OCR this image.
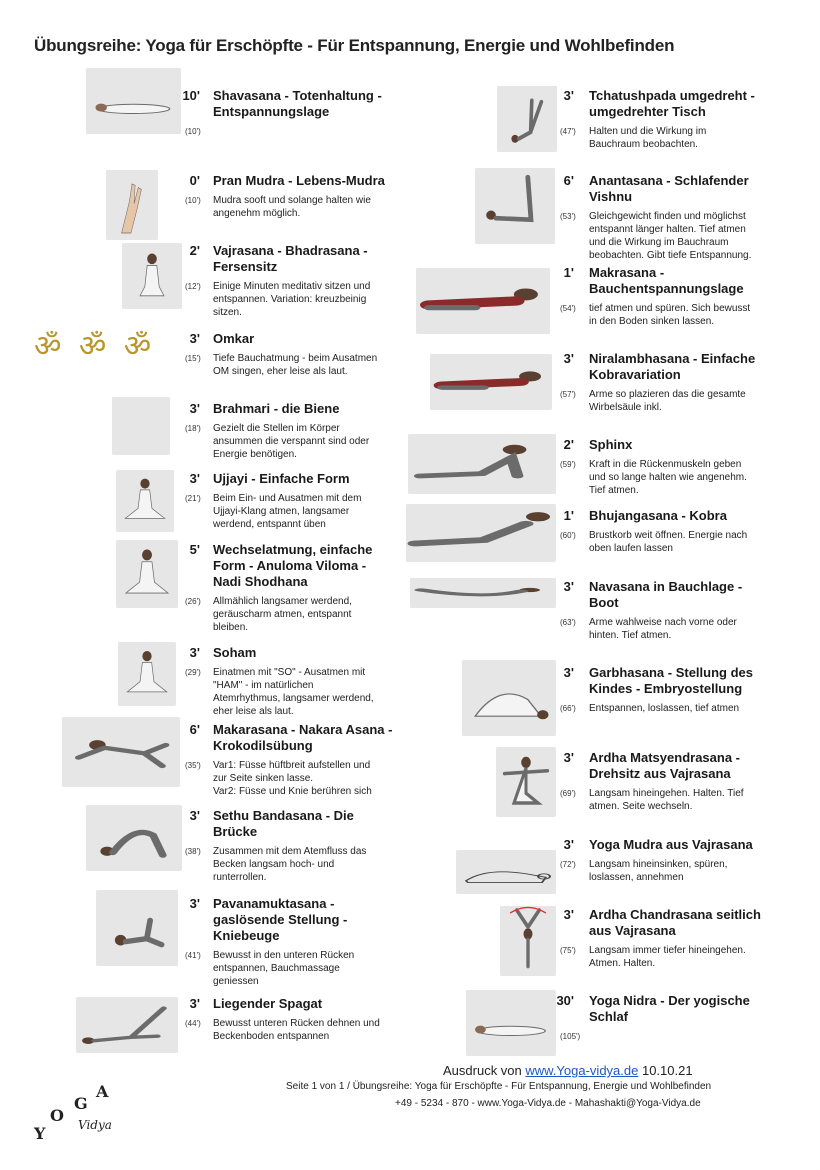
Übungsreihe: Yoga für Erschöpfte - Für Entspannung, Energie und Wohlbefinden
10' Shavasana - Totenhaltung -
Entspannungslage
(10')
0' Pran Mudra - Lebens-Mudra
(10') Mudra sooft und solange halten wie
angenehm möglich.
2' Vajrasana - Bhadrasana -
Fersensitz
(12') Einige Minuten meditativ sitzen und
entspannen. Variation: kreuzbeinig
sitzen.
ॐ ॐ ॐ	3' Omkar
(15') Tiefe Bauchatmung - beim Ausatmen
OM singen, eher leise als laut.
3' Brahmari - die Biene
(18') Gezielt die Stellen im Körper
ansummen die verspannt sind oder
Energie benötigen.
3' Ujjayi - Einfache Form
(21') Beim Ein- und Ausatmen mit dem
Ujjayi-Klang atmen, langsamer
werdend, entspannt üben
5' Wechselatmung, einfache
Form - Anuloma Viloma -
Nadi Shodhana
(26') Allmählich langsamer werdend,
geräuscharm atmen, entspannt
bleiben.
3' Soham
(29') Einatmen mit "SO" - Ausatmen mit
"HAM" - im natürlichen
Atemrhythmus, langsamer werdend,
eher leise als laut.
6' Makarasana - Nakara Asana -
Krokodilsübung
(35') Var1: Füsse hüftbreit aufstellen und
zur Seite sinken lasse.
Var2: Füsse und Knie berühren sich
3' Sethu Bandasana - Die
Brücke
(38') Zusammen mit dem Atemfluss das
Becken langsam hoch- und
runterrollen.
3' Pavanamuktasana -
gaslösende Stellung -
Kniebeuge
(41') Bewusst in den unteren Rücken
entspannen, Bauchmassage
geniessen
3' Liegender Spagat
(44') Bewusst unteren Rücken dehnen und
Beckenboden entspannen
3' Tchatushpada umgedreht -
umgedrehter Tisch
(47') Halten und die Wirkung im
Bauchraum beobachten.
6' Anantasana - Schlafender
Vishnu
(53') Gleichgewicht finden und möglichst
entspannt länger halten. Tief atmen
und die Wirkung im Bauchraum
beobachten. Gibt tiefe Entspannung.
1' Makrasana -
Bauchentspannungslage
(54') tief atmen und spüren. Sich bewusst
in den Boden sinken lassen.
3' Niralambhasana - Einfache
Kobravariation
(57') Arme so plazieren das die gesamte
Wirbelsäule inkl.
2' Sphinx
(59') Kraft in die Rückenmuskeln geben
und so lange halten wie angenehm.
Tief atmen.
1' Bhujangasana - Kobra
(60') Brustkorb weit öffnen. Energie nach
oben laufen lassen
3' Navasana in Bauchlage -
Boot
(63') Arme wahlweise nach vorne oder
hinten. Tief atmen.
3' Garbhasana - Stellung des
Kindes - Embryostellung
(66') Entspannen, loslassen, tief atmen
3' Ardha Matsyendrasana -
Drehsitz aus Vajrasana
(69') Langsam hineingehen. Halten. Tief
atmen. Seite wechseln.
3' Yoga Mudra aus Vajrasana
(72') Langsam hineinsinken, spüren,
loslassen, annehmen
3' Ardha Chandrasana seitlich
aus Vajrasana
(75') Langsam immer tiefer hineingehen.
Atmen. Halten.
30' Yoga Nidra - Der yogische
Schlaf
(105')
Ausdruck von www.Yoga-vidya.de 10.10.21
Seite 1 von 1 / Übungsreihe: Yoga für Erschöpfte - Für Entspannung, Energie und Wohlbefinden
+49 - 5234 - 870 - www.Yoga-Vidya.de - Mahashakti@Yoga-Vidya.de
Y
O
G
A
Vidya
